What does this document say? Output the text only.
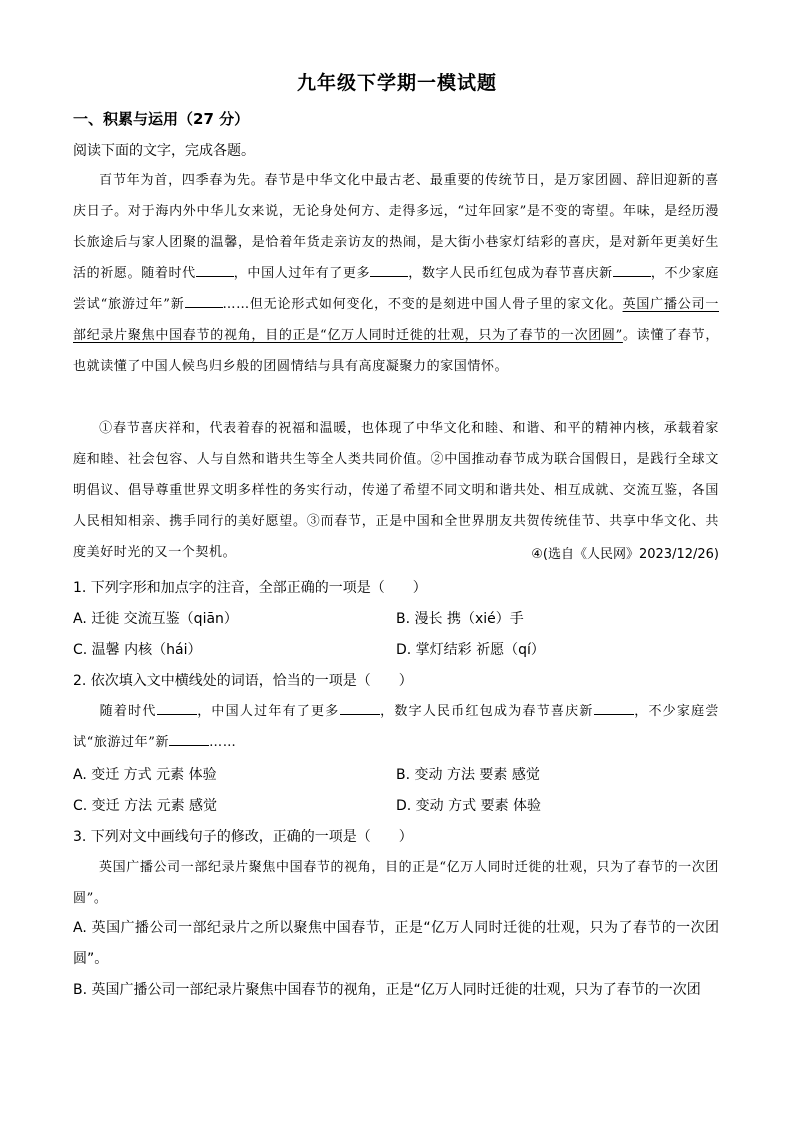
九年级下学期一模试题
一、积累与运用（27 分）
阅读下面的文字，完成各题。
百节年为首，四季春为先。春节是中华文化中最古老、最重要的传统节日，是万家团圆、辞旧迎新的喜庆日子。对于海内外中华儿女来说，无论身处何方、走得多远，“过年回家”是不变的寄望。年味，是经历漫长旅途后与家人团聚的温馨，是恰着年货走亲访友的热闹，是大街小巷家灯结彩的喜庆，是对新年更美好生活的祈愿。随着时代	，中国人过年有了更多	，数字人民币红包成为春节喜庆新	，不少家庭尝试“旅游过年”新	……但无论形式如何变化，不变的是刻进中国人骨子里的家文化。英国广播公司一部纪录片聚焦中国春节的视角，目的正是“亿万人同时迁徙的壮观，只为了春节的一次团圆”。读懂了春节，也就读懂了中国人候鸟归乡般的团圆情结与具有高度凝聚力的家国情怀。
①春节喜庆祥和，代表着春的祝福和温暖，也体现了中华文化和睦、和谐、和平的精神内核，承载着家庭和睦、社会包容、人与自然和谐共生等全人类共同价值。②中国推动春节成为联合国假日，是践行全球文明倡议、倡导尊重世界文明多样性的务实行动，传递了希望不同文明和谐共处、相互成就、交流互鉴，各国人民相知相亲、携手同行的美好愿望。③而春节，正是中国和全世界朋友共贺传统佳节、共享中华文化、共度美好时光的又一个契机。	④(选自《人民网》2023/12/26)
1. 下列字形和加点字的注音，全部正确的一项是（　　）
A. 迁徙 交流互鉴（qiān）	B. 漫长 携（xié）手
C. 温馨 内核（hái）	D. 掌灯结彩 祈愿（qí）
2. 依次填入文中横线处的词语，恰当的一项是（　　）
随着时代	，中国人过年有了更多	，数字人民币红包成为春节喜庆新	，不少家庭尝试“旅游过年”新	……
A. 变迁 方式 元素 体验	B. 变动 方法 要素 感觉
C. 变迁 方法 元素 感觉	D. 变动 方式 要素 体验
3. 下列对文中画线句子的修改，正确的一项是（　　）
英国广播公司一部纪录片聚焦中国春节的视角，目的正是“亿万人同时迁徙的壮观，只为了春节的一次团圆”。
A. 英国广播公司一部纪录片之所以聚焦中国春节，正是“亿万人同时迁徙的壮观，只为了春节的一次团圆”。
B. 英国广播公司一部纪录片聚焦中国春节的视角，正是“亿万人同时迁徙的壮观，只为了春节的一次团
